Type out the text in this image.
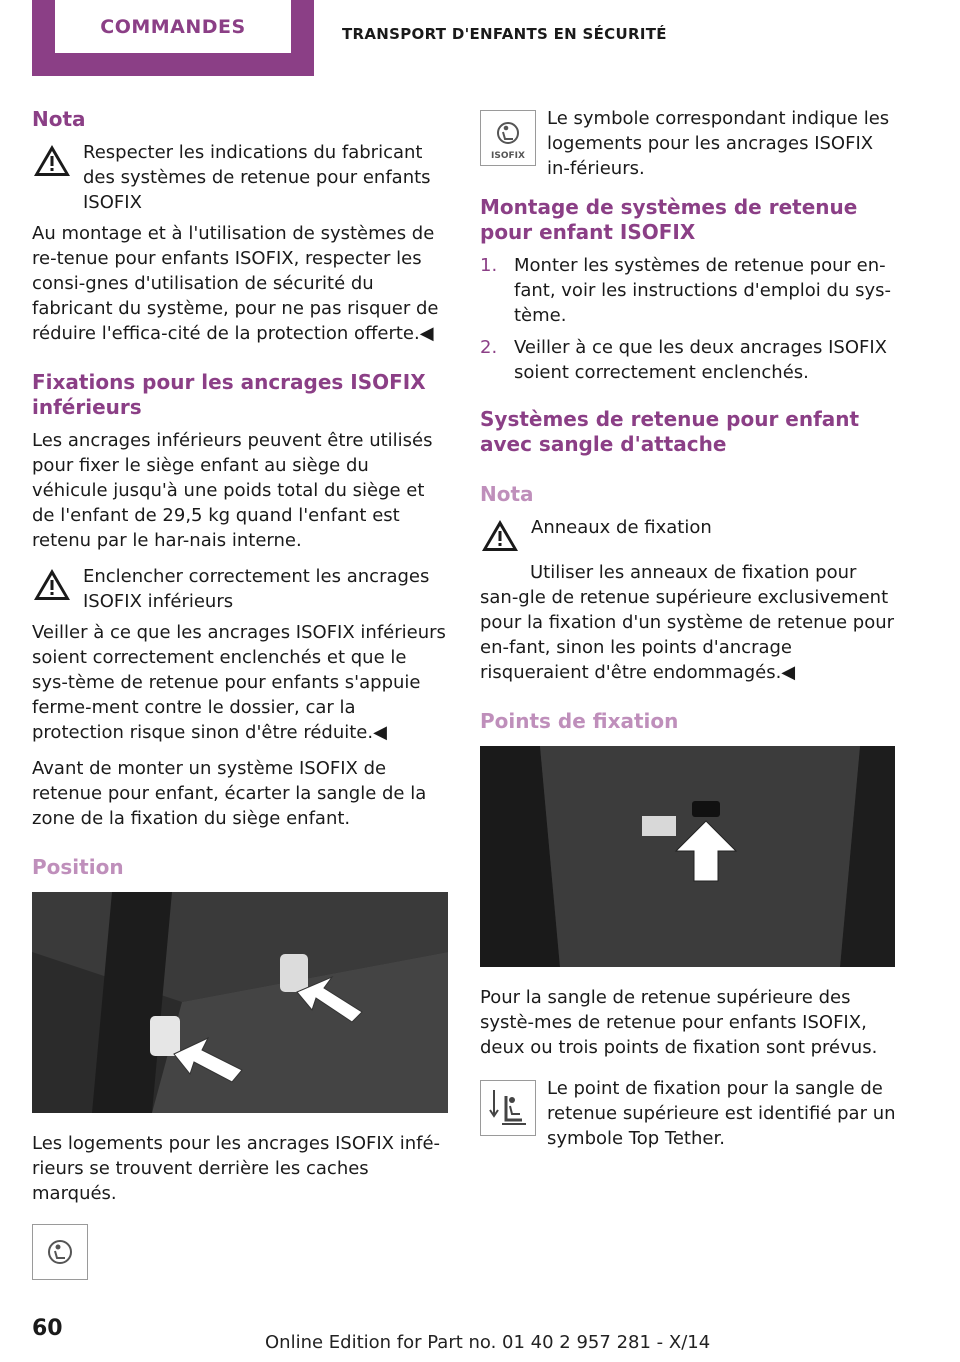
COMMANDES	TRANSPORT D'ENFANTS EN SÉCURITÉ
Nota
Respecter les indications du fabricant des systèmes de retenue pour enfants ISOFIX

Au montage et à l'utilisation de systèmes de re-tenue pour enfants ISOFIX, respecter les consi-gnes d'utilisation de sécurité du fabricant du système, pour ne pas risquer de réduire l'effica-cité de la protection offerte.◀

Fixations pour les ancrages ISOFIX inférieurs

Les ancrages inférieurs peuvent être utilisés pour fixer le siège enfant au siège du véhicule jusqu'à une poids total du siège et de l'enfant de 29,5 kg quand l'enfant est retenu par le har-nais interne.

Enclencher correctement les ancrages ISOFIX inférieurs

Veiller à ce que les ancrages ISOFIX inférieurs soient correctement enclenchés et que le sys-tème de retenue pour enfants s'appuie ferme-ment contre le dossier, car la protection risque sinon d'être réduite.◀

Avant de monter un système ISOFIX de retenue pour enfant, écarter la sangle de la zone de la fixation du siège enfant.

Position

Les logements pour les ancrages ISOFIX infé-rieurs se trouvent derrière les caches marqués.

ISOFIX
Le symbole correspondant indique les logements pour les ancrages ISOFIX in-férieurs.
Montage de systèmes de retenue pour enfant ISOFIX
1. Monter les systèmes de retenue pour en-fant, voir les instructions d'emploi du sys-tème.
2. Veiller à ce que les deux ancrages ISOFIX soient correctement enclenchés.
Systèmes de retenue pour enfant avec sangle d'attache
Nota
Anneaux de fixation

Utiliser les anneaux de fixation pour san-gle de retenue supérieure exclusivement pour la fixation d'un système de retenue pour en-fant, sinon les points d'ancrage risqueraient d'être endommagés.◀

Points de fixation

Pour la sangle de retenue supérieure des systè-mes de retenue pour enfants ISOFIX, deux ou trois points de fixation sont prévus.

Le point de fixation pour la sangle de retenue supérieure est identifié par un symbole Top Tether.
60
Online Edition for Part no. 01 40 2 957 281 - X/14
